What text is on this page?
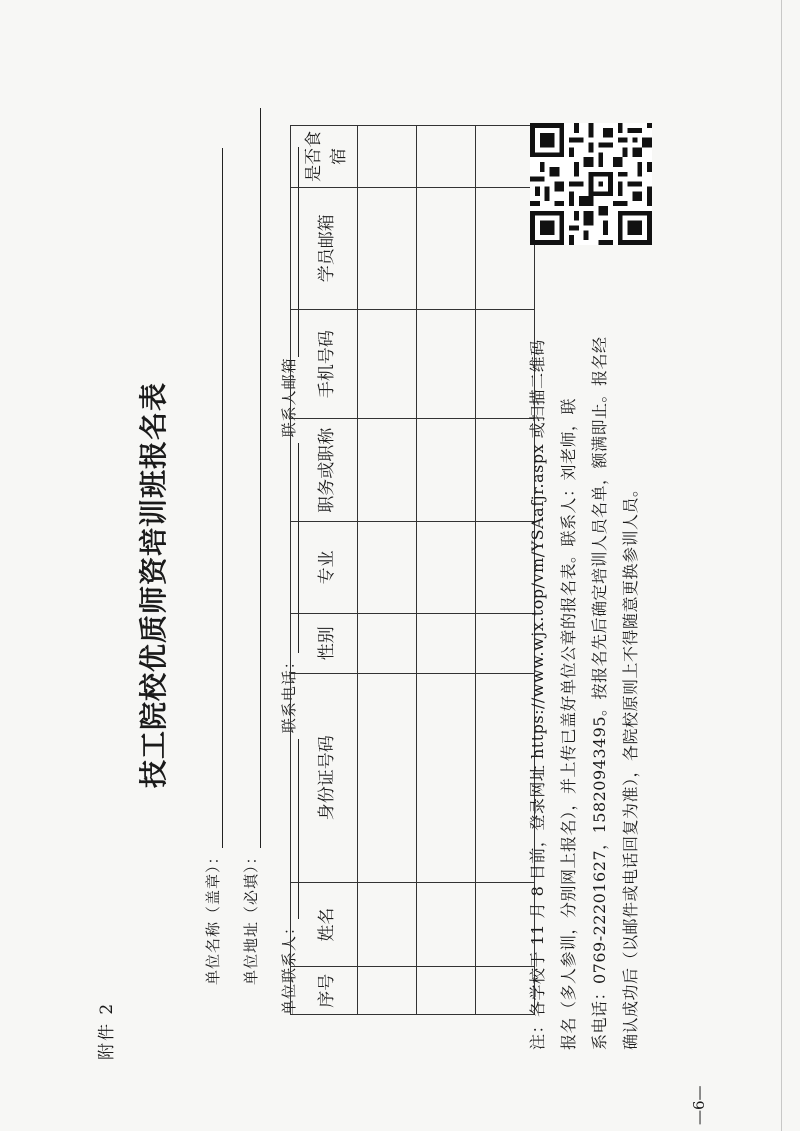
附件 2
技工院校优质师资培训班报名表
单位名称（盖章）： 单位地址（必填）： 单位联系人： 联系电话： 联系人邮箱
序号	姓名	身份证号码	性别	专业	职务或职称	手机号码	学员邮箱	是否食宿

注：各学校于 11 月 8 日前，登录网址 https://www.wjx.top/vm/YSAafjr.aspx 或扫描二维码 报名（多人参训，分别网上报名），并上传已盖好单位公章的报名表。联系人：刘老师，联 系电话：0769-22201627，15820943495。按报名先后确定培训人员名单，额满即止。报名经 确认成功后（以邮件或电话回复为准），各院校原则上不得随意更换参训人员。

—6—
